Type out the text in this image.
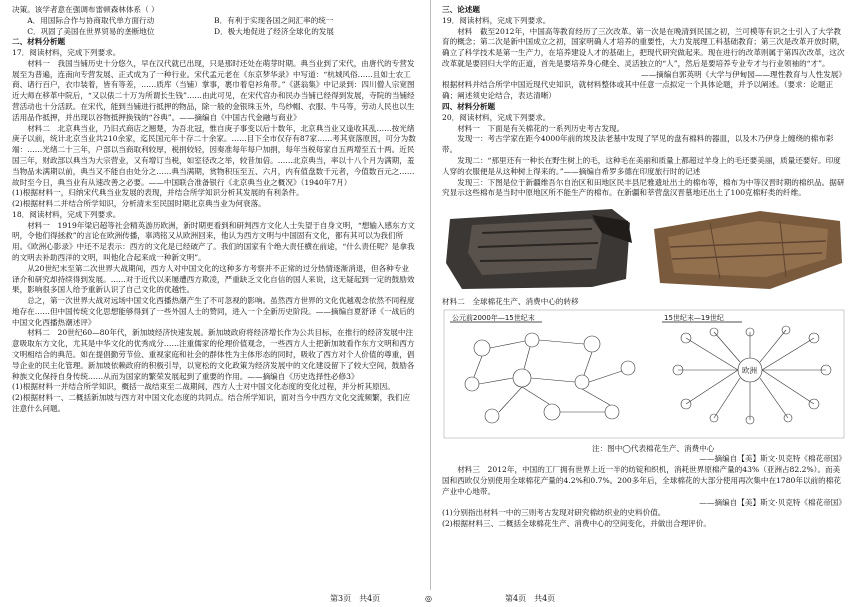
决策。该学者意在强调布雷顿森林体系（ ）

A．用国际合作与协商取代单方面行动	B．有利于实现各国之间汇率的统一
C．巩固了美国在世界贸易的垄断地位	D．极大地促进了经济全球化的发展

二、材料分析题

17．阅读材料，完成下列要求。

材料一　我国当铺历史十分悠久，早在汉代就已出现，只是那时还处在萌芽时期。典当业到了宋代，由唐代的专营发展至为普遍，连南向专营发展、正式成为了一种行业。宋代孟元老在《东京梦华录》中写道：“杭城风俗……且如士农工商、诸行百户，衣巾装着，皆有等差，……质库（当铺）掌事，裹巾着皂衫角带。”《湛翁集》中记录到：四川僧人宗宽图近大师在移革中院后，“又以俵二十万为所谓长生钱”……由此可见，在宋代官办和民办当铺已经得到发展，寺院的当铺经营活动也十分活跃。在宋代，能到当铺进行抵押的物品，除一般的金银珠玉外，鸟纱帽、衣服、牛马等，劳动人民也以生活用品作抵押，并出现以谷物抵押换钱的“谷典”。——摘编自《中国古代金融与商业》

材料二　北京典当业，乃旧式商店之翘楚，为吾北冠，惟自庚子事变以后十数年，北京典当业又逢收其乱……按光绪庚子以前，统计北京当业共210余家，迄民国元年十存二十余家。……目下全市仅存有87家……考其衰落原因，可分为数端：……光绪二十三年，户部以当商取利较厚，税捐较轻，因奏准每年每户加捐，每年当税每家自五两增至五十两。近民国三年，财政部以典当为大宗营业，又有增订当税，如室径改之举，较昔加倍。……北京典当，率以十八个月为满期，羞当物品未满期以前，典当又不能自由处分之……典当满期，赏物积压至五、六月，内有值盘数千元者，今值数百元之……故时至今日，典当业有从速改善之必要。——中国联合准备银行《北京典当业之概况》（1940年7月）

(1)根据材料一，归纳宋代典当业发展的表现，并结合所学知识分析其发展的有利条件。

(2)根据材料二并结合所学知识，分析清末至民国时期北京典当业为何衰落。

18．阅读材料，完成下列要求。

材料一　1919年梁启超等社会精英游历欧洲，新时期更看到和研判西方文化人士失望于自身文明，“想输入感东方文明，令他们得拯救”的言论在欧洲传播，辜鸿铭又从欧洲回来，他认为西方文明与中国固有文化，都有其可以为我们所用。《欧洲心影录》中还不足表示：西方的文化是已经破产了。我们的国家有个绝大责任横在前途，“什么责任呢？是拿我的文明去补助西洋的文明，叫他化合起来成一种新文明”。

从20世纪末至第二次世界大战期间，西方人对中国文化的这种多方考察并不正常的过分热情逐渐消退，但各种专业译介和研究却持续得到发展。……对于近代以来屡遭西方欺凌，严重缺乏文化自信的国人来说，这无疑起到一定的鼓励效果，影响很多国人给予重新认识了自己文化的优越性。

总之，第一次世界大战对远场中国文化西播热潮产生了不可忽视的影响。虽然西方世界的文化优越观念依然不同程度地存在……但中国传统文化思想能够得到了一些外国人士的赞同，进入一个全新历史阶段。——摘编自夏舒译《一战后的中国文化西播热潮述评》

材料二　20世纪60—80年代，新加坡经济快速发展。新加坡政府将经济增长作为公共目标，在推行的经济发展中注意吸取东方文化，尤其是中华文化的优秀成分……注重儒家的伦理价值观念，一些西方人士把新加坡看作东方文明和西方文明相结合的典范。如在提倡勤劳节俭、重视家庭和社会的群体性为主体形态的同时，吸收了西方对个人价值的尊重，倡导企业的民主化管理。新加坡依赖政府的积极引导，以宽松的文化政策为经济发展中的文化建设留下了较大空间，鼓励各种族文化保持自身传统……从而为国家的繁荣发展起到了重要的作用。——摘编自《历史选择性必修3》

(1)根据材料一并结合所学知识，概括一战结束至二战期间，西方人士对中国文化态度的变化过程，并分析其原因。

(2)根据材料一、二概括新加坡与西方对中国文化态度的共同点。结合所学知识，面对当今中西方文化交流频繁，我们应注意什么问题。

三、论述题

19．阅读材料，完成下列要求。

材料　截至2012年，中国高等教育经历了三次改革。第一次是在晚清到民国之初，兰可模等有识之士引入了大学教育的概念；第二次是新中国成立之初，国家明确人才培养的重要性，大力发展理工科基础教育；第三次是改革开放时期，确立了科学技术是第一生产力，在培养建设人才的基础上，把现代研究做起来。现在进行的改革则属于第四次改革，这次改革就是要回归大学的正道，首先是要培养身心健全、灵活独立的“人”，然后是要培养专业专才与行业领袖的“才”。

——摘编自郭英明《大学与伊甸园——理性教育与人性发展》

根据材料并结合所学中国近现代史知识，就材料整体或其中任意一点拟定一个具体论题，并予以阐述。（要求：论题正确；阐述须史论结合，表达清晰）

四、材料分析题

20．阅读材料，完成下列要求。

材料一　下面是有关棉花的一系列历史考古发现。

发现一：考古学家在距今4000年前的埃及法老墓中发现了罕见的盘有棉料的器皿，以及木乃伊身上缠绕的棉布彩带。

发现二：“那里还有一种长在野生树上的毛，这种毛在美丽和质量上都超过羊身上的毛还要美丽，质量还要好。印度人穿的衣服便是从这种树上得来的。”——摘编自希罗多德在印度旅行时的记述

发现三：下图是位于新疆维吾尔自治区和田地区民丰县尼雅遗址出土的棉布等，棉布为中等汉晋时期的棉织品。据研究显示这些棉布是当时中原地区所不能生产的棉布。在新疆和莘营盘汉晋墓地还出土了100克棉籽类的纤维。

材料二　全球棉花生产、消费中心的转移

公元前2000年—15世纪末	15世纪末—19世纪
欧洲

注：图中◯代表棉花生产、消费中心

——摘编自【美】斯文·贝克特《棉花帝国》

材料三　2012年，中国的工厂拥有世界上近一半的纺锭和织机，消耗世界原棉产量的43%（亚洲占82.2%）。而美国和西欧仅分别使用全球棉花产量的4.2%和0.7%。200多年后，全球棉花的大部分使用再次集中在1780年以前的棉花产业中心地带。

——摘编自【美】斯文·贝克特《棉花帝国》

(1)分别指出材料一中的三则考古发现对研究棉纺织业的史料价值。

(2)根据材料三、二概括全球棉花生产、消费中心的空间变化，并做出合理评价。

第3页　共4页	◎	第4页　共4页
